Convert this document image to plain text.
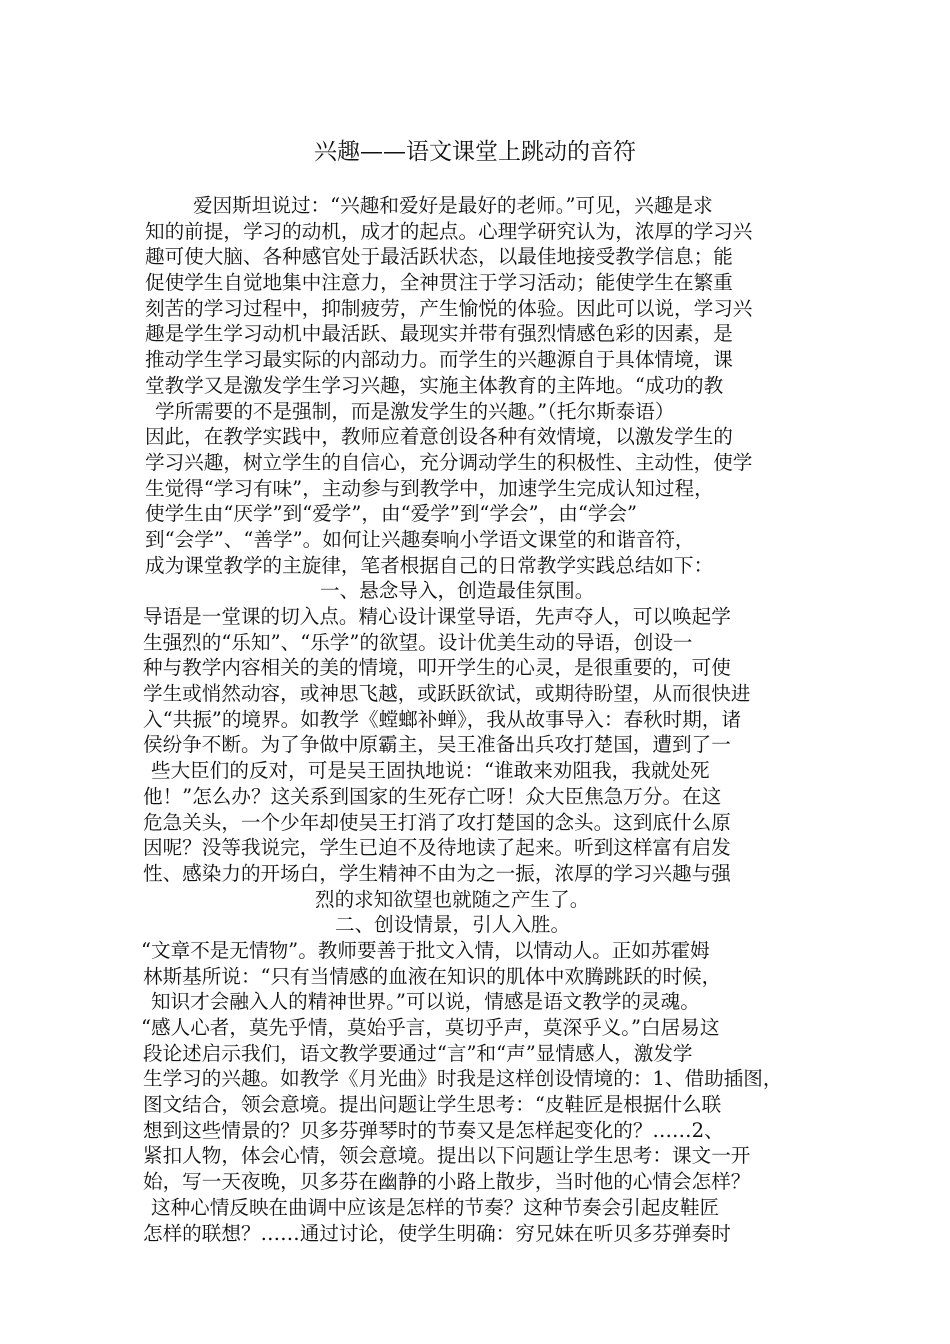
兴趣——语文课堂上跳动的音符
爱因斯坦说过：“兴趣和爱好是最好的老师。”可见，兴趣是求
知的前提，学习的动机，成才的起点。心理学研究认为，浓厚的学习兴
趣可使大脑、各种感官处于最活跃状态，以最佳地接受教学信息；能
促使学生自觉地集中注意力，全神贯注于学习活动；能使学生在繁重
刻苦的学习过程中，抑制疲劳，产生愉悦的体验。因此可以说，学习兴
趣是学生学习动机中最活跃、最现实并带有强烈情感色彩的因素，是
推动学生学习最实际的内部动力。而学生的兴趣源自于具体情境，课
堂教学又是激发学生学习兴趣，实施主体教育的主阵地。“成功的教
学所需要的不是强制，而是激发学生的兴趣。”（托尔斯泰语）
因此，在教学实践中，教师应着意创设各种有效情境，以激发学生的
学习兴趣，树立学生的自信心，充分调动学生的积极性、主动性，使学
生觉得“学习有味”，主动参与到教学中，加速学生完成认知过程，
使学生由“厌学”到“爱学”，由“爱学”到“学会”，由“学会”
到“会学”、“善学”。如何让兴趣奏响小学语文课堂的和谐音符，
成为课堂教学的主旋律，笔者根据自己的日常教学实践总结如下：
一、悬念导入，创造最佳氛围。
导语是一堂课的切入点。精心设计课堂导语，先声夺人，可以唤起学
生强烈的“乐知”、“乐学”的欲望。设计优美生动的导语，创设一
种与教学内容相关的美的情境，叩开学生的心灵，是很重要的，可使
学生或悄然动容，或神思飞越，或跃跃欲试，或期待盼望，从而很快进
入“共振”的境界。如教学《螳螂补蝉》，我从故事导入：春秋时期，诸
侯纷争不断。为了争做中原霸主，吴王准备出兵攻打楚国，遭到了一
些大臣们的反对，可是吴王固执地说：“谁敢来劝阻我，我就处死
他！”怎么办？这关系到国家的生死存亡呀！众大臣焦急万分。在这
危急关头，一个少年却使吴王打消了攻打楚国的念头。这到底什么原
因呢？没等我说完，学生已迫不及待地读了起来。听到这样富有启发
性、感染力的开场白，学生精神不由为之一振，浓厚的学习兴趣与强
烈的求知欲望也就随之产生了。
二、创设情景，引人入胜。
“文章不是无情物”。教师要善于批文入情，以情动人。正如苏霍姆
林斯基所说：“只有当情感的血液在知识的肌体中欢腾跳跃的时候，
知识才会融入人的精神世界。”可以说，情感是语文教学的灵魂。
“感人心者，莫先乎情，莫始乎言，莫切乎声，莫深乎义。”白居易这
段论述启示我们，语文教学要通过“言”和“声”显情感人，激发学
生学习的兴趣。如教学《月光曲》时我是这样创设情境的：1、借助插图，
图文结合，领会意境。提出问题让学生思考：“皮鞋匠是根据什么联
想到这些情景的？贝多芬弹琴时的节奏又是怎样起变化的？……2、
紧扣人物，体会心情，领会意境。提出以下问题让学生思考：课文一开
始，写一天夜晚，贝多芬在幽静的小路上散步，当时他的心情会怎样？
这种心情反映在曲调中应该是怎样的节奏？这种节奏会引起皮鞋匠
怎样的联想？……通过讨论，使学生明确：穷兄妹在听贝多芬弹奏时
